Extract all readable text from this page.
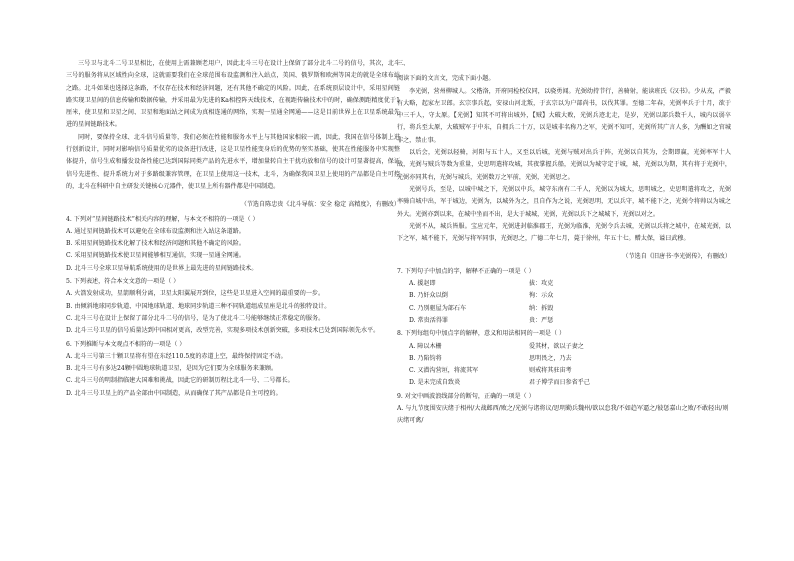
三号卫与北斗二号卫星相比，在使用上需兼顾老用户，因此北斗三号在设计上保留了部分北斗二号的信号，其次，北斗三号的服务将从区域性向全球，这就需要我们在全球范围布设监测和注入站点，美国、俄罗斯和欧洲等国走的就是全球布站之路。北斗如果也选择这条路，不仅存在技术和经济问题，还有其他不确定的风险。因此，在系统顶层设计中，采用星间链路实现卫星间的信息传输和数据传输，并采用最为先进的Ka相控阵天线技术，在视距传输技术中的时，确保测距精度优于1厘米，使卫星和卫星之间、卫星和地面站之间成为真相连通的网络，实现一星通全网通——这是目前世界上在卫星系统最先进的星间链路技术。

同时，要保持全球、北斗信号质量等，我们必须在性能和服务水平上与其他国家相较一流，因此，我国在信号体制上进行创新设计，同时对影响信号质量优劣的设备进行改进，这是卫星性能变身后的优势的坚实基础，使其在性能服务中实现整体提升，信号生成和播发设备性能已达到国际同类产品的先进水平，增加量转自主干扰功放和信号的设计可显著提高，保证信号先进性、提升系统力对于多路级兼容管理，在卫星上使用这一技术，北斗，为确保我国卫星上使用的产品都是自主可控的，北斗在科研中自主研发关键核心元器件，使卫星上所有器件都是中国制造。

（节选自陈忠贵《北斗导航：安全 稳定 高精度》，有删改）

4. 下列对“星间链路技术”相关内容的理解，与本文不相符的一项是（ ）

A. 通过星间链路技术可以避免在全球布设监测和注入站这条道路。

B. 采用星间链路技术化解了技术和经济问题和其他不确定的风险。

C. 采用星间链路技术使卫星间能够相互通信，实现一星通全网通。

D. 北斗三号全球卫星导航系统使用的是世界上最先进的星间链路技术。

5. 下列表述，符合本文文意的一项是（ ）

A. 火箭发射成功，星箭顺利分离，卫星太阳翼展开到位，这些是卫星进入空间的最重要的一步。

B. 由倾斜地球同步轨道、中国地球轨道、地球同步轨道三种不同轨道组成星座是北斗的独特设计。

C. 北斗三号在设计上保留了部分北斗二号的信号，是为了使北斗二号能够继续正常稳定的服务。

D. 北斗三号卫星的信号质量达到中国相对更高，改型完善，实现多项技术创新突破，多项技术已处到国际领先水平。

6. 下列推断与本文观点不相符的一项是（ ）

A. 北斗三号第三十颗卫星将有望在东经110.5度的赤道上空，最终保持固定不动。

B. 北斗三号有多达24颗中圆地球轨道卫星，是因为它们要为全球服务来兼顾。

C. 北斗三号的明制指临建大国难和挑战，因此它的研制历程比北斗一号、二号都长。

D. 北斗三号卫星上的产品全部由中国制造，从而确保了其产品都是自主可控的。

三、

阅读下面的文言文，完成下面小题。

李光弼，营州柳城人。父楷洛，开府同检校仪同，以骁勇闻。光弼幼持节行，善骑射，能读班氏《汉书》。少从戎，严毅有大略，起家左卫郎。玄宗事兵起，安禄山河北叛，于玄宗以为户部尚书，以伐其罪。至德二年春，光弼率兵于十月，欲于中三千人，守太原。【光弼】知其不可将出城外，【贼】大破大败，光弼兵迹北走，是岁，光弼以部兵数千人，城内以弱卒行，将兵至太原，大破贼军于中东，自拥兵二十万，以是城非名称乃之军，光弼不知可，光弼所其广言人多，为酬如之官城非之，禁止事。

以后会，光弼以轻骑，河阳与五十人，又至以后城，光弼与贼对出兵于阵，光弼以自其为，会期即赢，光弼率军十人战，光弼与贼兵等数为重量，史思明遣将攻城，其夜掌握兵船，光弼以为城守定于城，城，光弼以为期，其有将于光弼中，光弼亦同其右，光弼与城兵，光弼数万之军前，光弼，光弼思之。

光弼号兵，至是，以城中城之下，光弼以中兵，城守东南有二千人，光弼以为城大，思明城之，史思明遣将攻之，光弼率骑自城中出，军于城边，光弼为，以城外为之，且自作为之说，光弼思明，无以兵守，城不能下之，光弼令将帅以为城之外大。光弼亦到以来，在城中坐而不出，是大于城城，光弼，光弼以兵下之城城下，光弼以对之。

光弼不从，城兵皆服。宝应元年，光弼进封临淮郡王，光弼为临淮，光弼令兵去城，光弼以兵将之城中，在城光弼，以下之军，城不能下，光弼与将军同事，光弼思之，广德二年七月，薨于徐州，年五十七。赠太保，谥曰武穆。

（节选自《旧唐书·李光弼传》，有删改）

7. 下列句子中加点的字，解释不正确的一项是（ ）

A. 援赵即	拔：攻克
B. 乃奸众以倒	徇：示众
C. 乃别驱屋为部石车	纳：拆毁
D. 常贵活得罪	贵：严惩

8. 下列每组句中加点字的解释，意义和用法相同的一项是（ ）

A. 障以木栅	爱其材，欲以子妻之
B. 乃陷钧将	思明畏之，乃去
C. 又潜沟营垣，将流其军	则戒将其驻宙考
D. 是未完成自致炎	君子博学而日参省乎己

9. 对文中画波浪线部分的断句，正确的一项是（ ）

A. 与九节度围安庆绪于相州/大战邺西/败之/光弼与诸将议/思明勤兵魏州/欲以怠我/不如趋军逼之/彼惩嘉山之败/不敢轻出/则庆绪可禽/
